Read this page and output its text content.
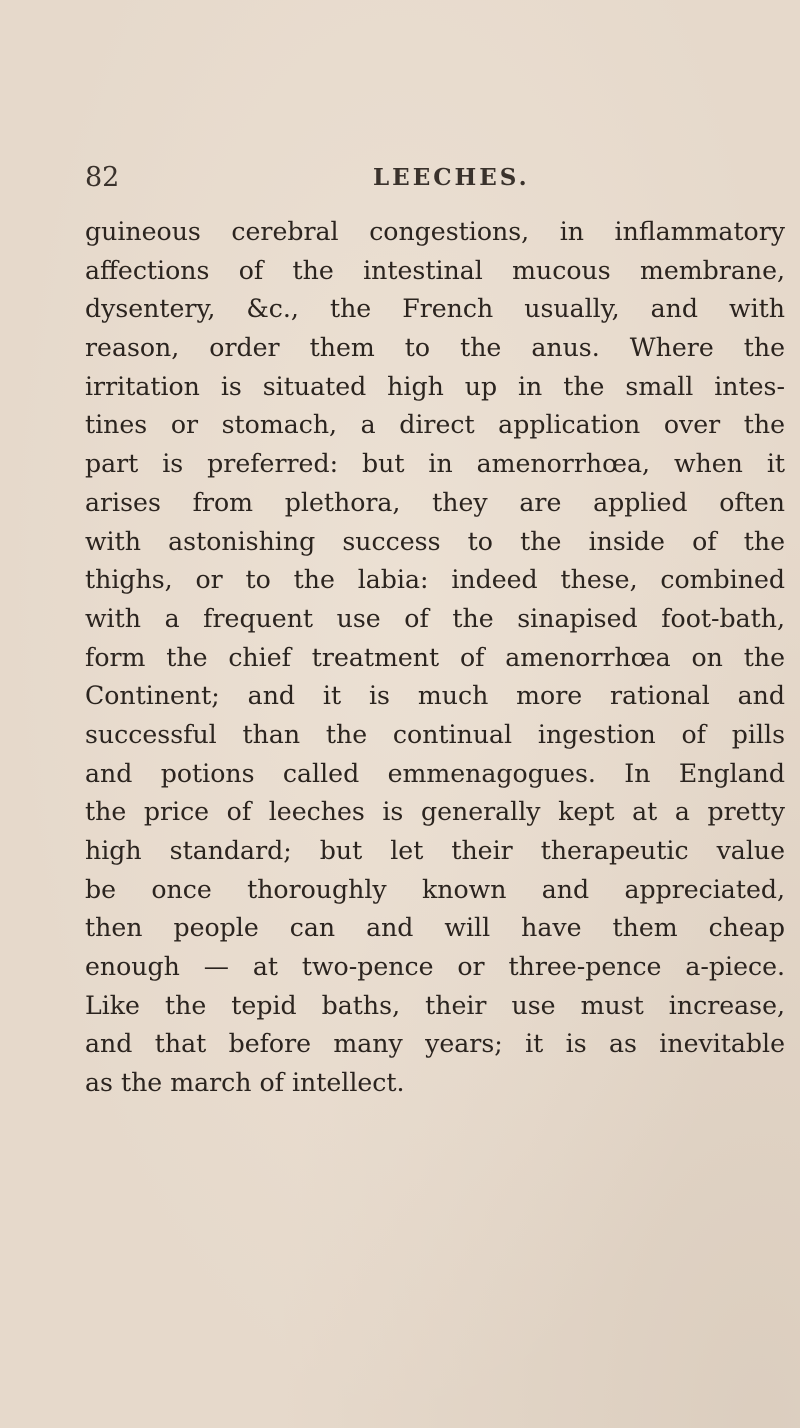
82	LEECHES.
guineous cerebral congestions, in inflammatory
affections of the intestinal mucous membrane,
dysentery, &c., the French usually, and with
reason, order them to the anus. Where the
irritation is situated high up in the small intes-
tines or stomach, a direct application over the
part is preferred: but in amenorrhœa, when it
arises from plethora, they are applied often
with astonishing success to the inside of the
thighs, or to the labia: indeed these, combined
with a frequent use of the sinapised foot-bath,
form the chief treatment of amenorrhœa on the
Continent; and it is much more rational and
successful than the continual ingestion of pills
and potions called emmenagogues. In England
the price of leeches is generally kept at a pretty
high standard; but let their therapeutic value
be once thoroughly known and appreciated,
then people can and will have them cheap
enough — at two-pence or three-pence a-piece.
Like the tepid baths, their use must increase,
and that before many years; it is as inevitable
as the march of intellect.
